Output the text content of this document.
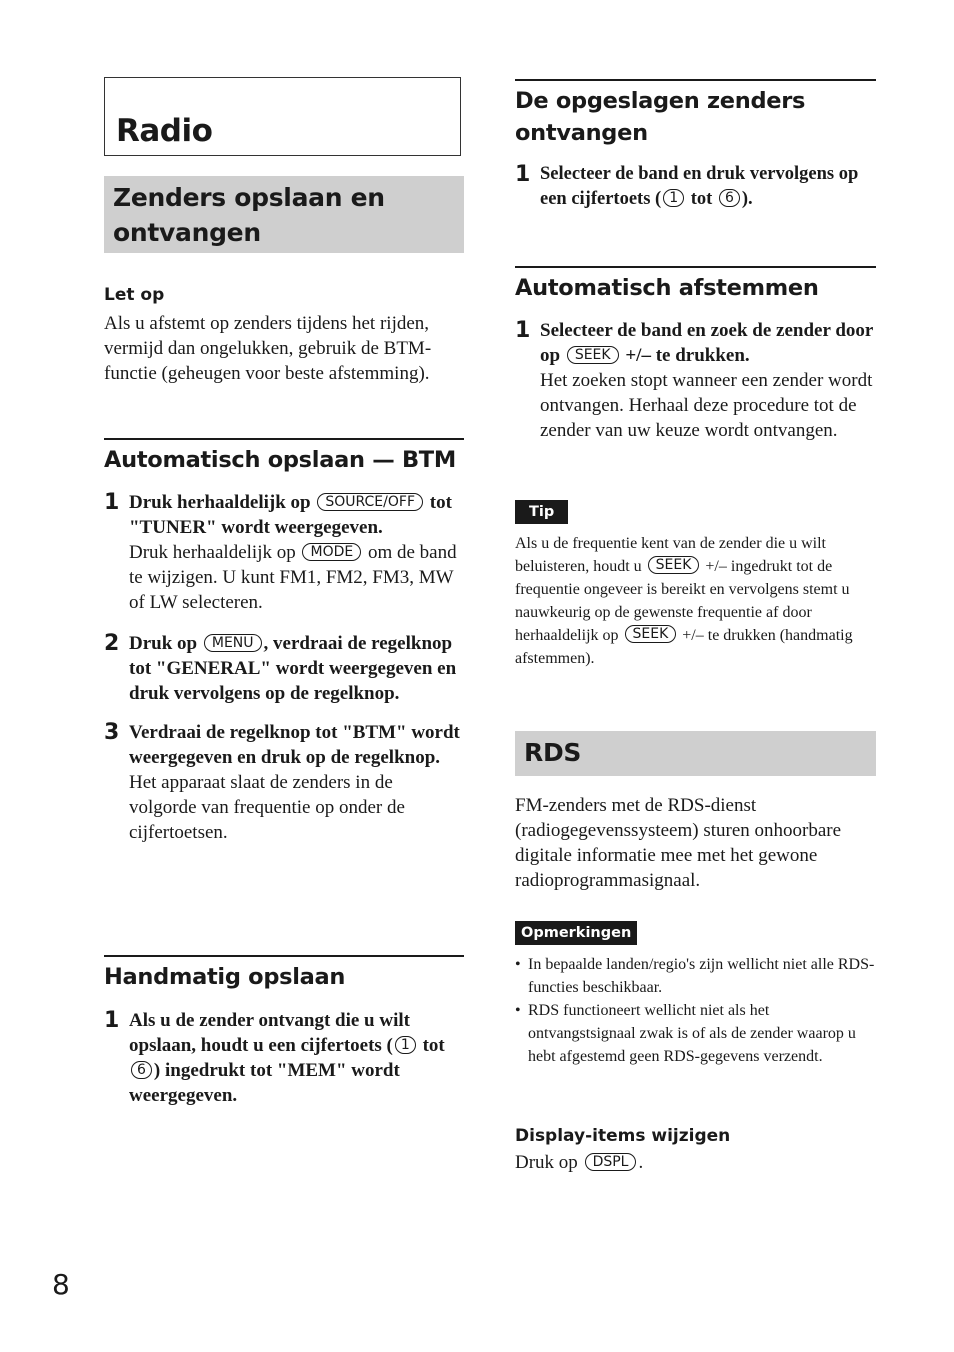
Radio
Zenders opslaan en ontvangen

Let op

Als u afstemt op zenders tijdens het rijden, vermijd dan ongelukken, gebruik de BTM-functie (geheugen voor beste afstemming).

Automatisch opslaan — BTM
1 Druk herhaaldelijk op SOURCE/OFF tot "TUNER" wordt weergegeven.
Druk herhaaldelijk op MODE om de band te wijzigen. U kunt FM1, FM2, FM3, MW of LW selecteren.
2 Druk op MENU , verdraai de regelknop tot "GENERAL" wordt weergegeven en druk vervolgens op de regelknop.
3 Verdraai de regelknop tot "BTM" wordt weergegeven en druk op de regelknop.
Het apparaat slaat de zenders in de volgorde van frequentie op onder de cijfertoetsen.
Handmatig opslaan
1 Als u de zender ontvangt die u wilt opslaan, houdt u een cijfertoets ( 1 tot 6 ) ingedrukt tot "MEM" wordt weergegeven.
De opgeslagen zenders ontvangen
1 Selecteer de band en druk vervolgens op een cijfertoets ( 1 tot 6 ).
Automatisch afstemmen
1 Selecteer de band en zoek de zender door op SEEK +/– te drukken.
Het zoeken stopt wanneer een zender wordt ontvangen. Herhaal deze procedure tot de zender van uw keuze wordt ontvangen.
Tip
Als u de frequentie kent van de zender die u wilt beluisteren, houdt u SEEK +/– ingedrukt tot de frequentie ongeveer is bereikt en vervolgens stemt u nauwkeurig op de gewenste frequentie af door herhaaldelijk op SEEK +/– te drukken (handmatig afstemmen).
RDS
FM-zenders met de RDS-dienst (radiogegevenssysteem) sturen onhoorbare digitale informatie mee met het gewone radioprogrammasignaal.
Opmerkingen
• In bepaalde landen/regio's zijn wellicht niet alle RDS-functies beschikbaar.
• RDS functioneert wellicht niet als het ontvangstsignaal zwak is of als de zender waarop u hebt afgestemd geen RDS-gegevens verzendt.

Display-items wijzigen

Druk op DSPL .

8
